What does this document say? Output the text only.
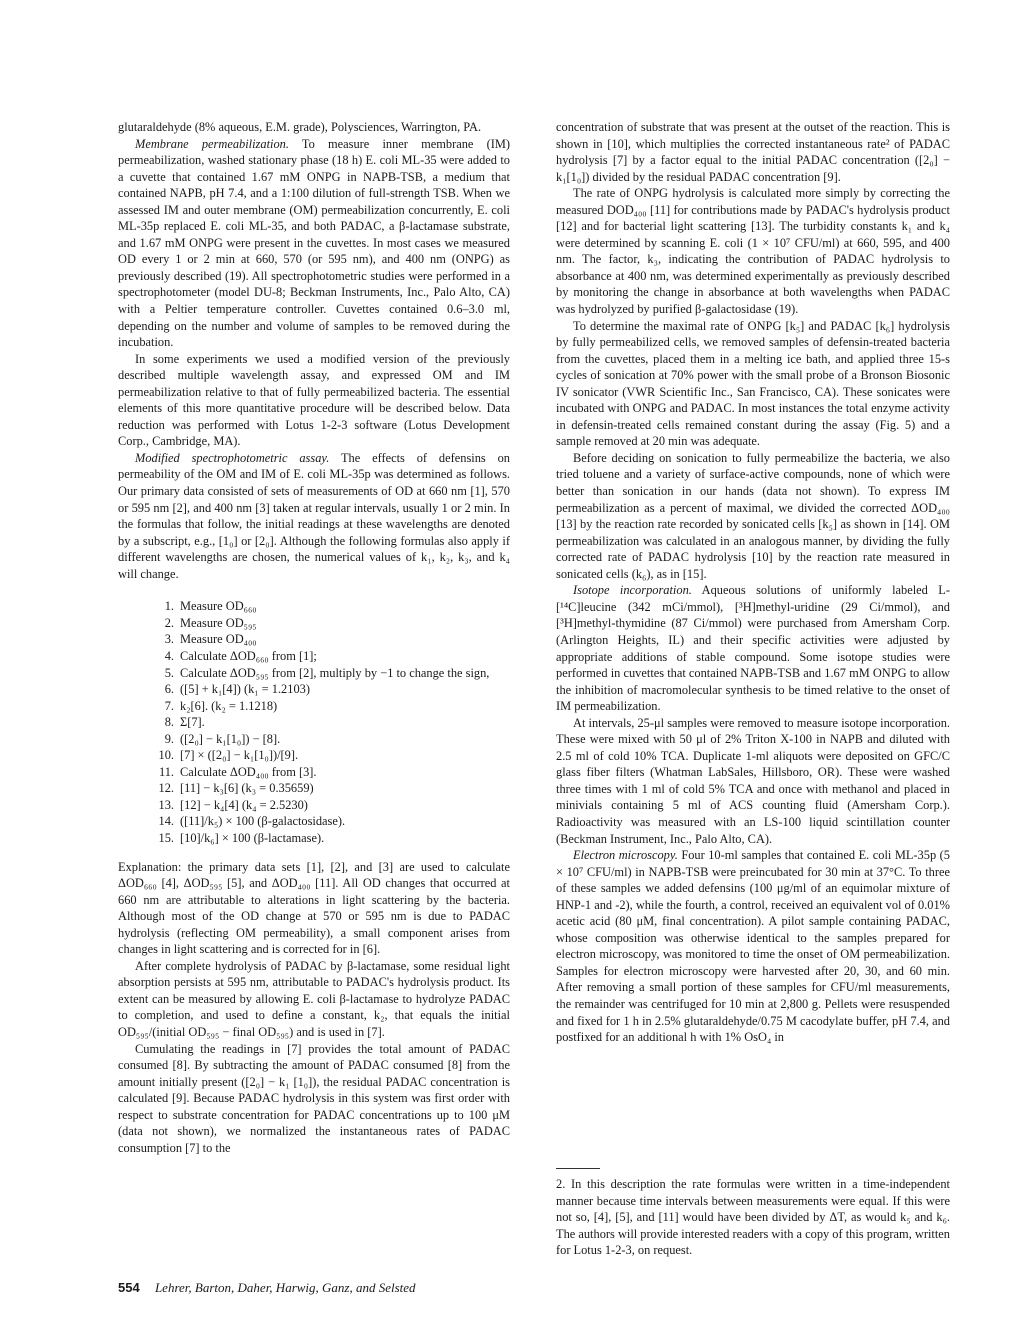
glutaraldehyde (8% aqueous, E.M. grade), Polysciences, Warrington, PA.

Membrane permeabilization. To measure inner membrane (IM) permeabilization, washed stationary phase (18 h) E. coli ML-35 were added to a cuvette that contained 1.67 mM ONPG in NAPB-TSB, a medium that contained NAPB, pH 7.4, and a 1:100 dilution of full-strength TSB. When we assessed IM and outer membrane (OM) permeabilization concurrently, E. coli ML-35p replaced E. coli ML-35, and both PADAC, a β-lactamase substrate, and 1.67 mM ONPG were present in the cuvettes. In most cases we measured OD every 1 or 2 min at 660, 570 (or 595 nm), and 400 nm (ONPG) as previously described (19). All spectrophotometric studies were performed in a spectrophotometer (model DU-8; Beckman Instruments, Inc., Palo Alto, CA) with a Peltier temperature controller. Cuvettes contained 0.6–3.0 ml, depending on the number and volume of samples to be removed during the incubation.

In some experiments we used a modified version of the previously described multiple wavelength assay, and expressed OM and IM permeabilization relative to that of fully permeabilized bacteria. The essential elements of this more quantitative procedure will be described below. Data reduction was performed with Lotus 1-2-3 software (Lotus Development Corp., Cambridge, MA).

Modified spectrophotometric assay. The effects of defensins on permeability of the OM and IM of E. coli ML-35p was determined as follows. Our primary data consisted of sets of measurements of OD at 660 nm [1], 570 or 595 nm [2], and 400 nm [3] taken at regular intervals, usually 1 or 2 min. In the formulas that follow, the initial readings at these wavelengths are denoted by a subscript, e.g., [1₀] or [2₀]. Although the following formulas also apply if different wavelengths are chosen, the numerical values of k₁, k₂, k₃, and k₄ will change.

1. Measure OD₆₆₀
2. Measure OD₅₉₅
3. Measure OD₄₀₀
4. Calculate ΔOD₆₆₀ from [1];
5. Calculate ΔOD₅₉₅ from [2], multiply by −1 to change the sign,
6. ([5] + k₁[4]) (k₁ = 1.2103)
7. k₂[6]. (k₂ = 1.1218)
8. Σ[7].
9. ([2₀] − k₁[1₀]) − [8].
10. [7] × ([2₀] − k₁[1₀])/[9].
11. Calculate ΔOD₄₀₀ from [3].
12. [11] − k₃[6] (k₃ = 0.35659)
13. [12] − k₄[4] (k₄ = 2.5230)
14. ([11]/k₅) × 100 (β-galactosidase).
15. [10]/k₆] × 100 (β-lactamase).

Explanation: the primary data sets [1], [2], and [3] are used to calculate ΔOD₆₆₀ [4], ΔOD₅₉₅ [5], and ΔOD₄₀₀ [11]. All OD changes that occurred at 660 nm are attributable to alterations in light scattering by the bacteria. Although most of the OD change at 570 or 595 nm is due to PADAC hydrolysis (reflecting OM permeability), a small component arises from changes in light scattering and is corrected for in [6].

After complete hydrolysis of PADAC by β-lactamase, some residual light absorption persists at 595 nm, attributable to PADAC's hydrolysis product. Its extent can be measured by allowing E. coli β-lactamase to hydrolyze PADAC to completion, and used to define a constant, k₂, that equals the initial OD₅₉₅/(initial OD₅₉₅ − final OD₅₉₅) and is used in [7].

Cumulating the readings in [7] provides the total amount of PADAC consumed [8]. By subtracting the amount of PADAC consumed [8] from the amount initially present ([2₀] − k₁ [1₀]), the residual PADAC concentration is calculated [9]. Because PADAC hydrolysis in this system was first order with respect to substrate concentration for PADAC concentrations up to 100 μM (data not shown), we normalized the instantaneous rates of PADAC consumption [7] to the

concentration of substrate that was present at the outset of the reaction. This is shown in [10], which multiplies the corrected instantaneous rate² of PADAC hydrolysis [7] by a factor equal to the initial PADAC concentration ([2₀] − k₁[1₀]) divided by the residual PADAC concentration [9].

The rate of ONPG hydrolysis is calculated more simply by correcting the measured DOD₄₀₀ [11] for contributions made by PADAC's hydrolysis product [12] and for bacterial light scattering [13]. The turbidity constants k₁ and k₄ were determined by scanning E. coli (1 × 10⁷ CFU/ml) at 660, 595, and 400 nm. The factor, k₃, indicating the contribution of PADAC hydrolysis to absorbance at 400 nm, was determined experimentally as previously described by monitoring the change in absorbance at both wavelengths when PADAC was hydrolyzed by purified β-galactosidase (19).

To determine the maximal rate of ONPG [k₅] and PADAC [k₆] hydrolysis by fully permeabilized cells, we removed samples of defensin-treated bacteria from the cuvettes, placed them in a melting ice bath, and applied three 15-s cycles of sonication at 70% power with the small probe of a Bronson Biosonic IV sonicator (VWR Scientific Inc., San Francisco, CA). These sonicates were incubated with ONPG and PADAC. In most instances the total enzyme activity in defensin-treated cells remained constant during the assay (Fig. 5) and a sample removed at 20 min was adequate.

Before deciding on sonication to fully permeabilize the bacteria, we also tried toluene and a variety of surface-active compounds, none of which were better than sonication in our hands (data not shown). To express IM permeabilization as a percent of maximal, we divided the corrected ΔOD₄₀₀ [13] by the reaction rate recorded by sonicated cells [k₅] as shown in [14]. OM permeabilization was calculated in an analogous manner, by dividing the fully corrected rate of PADAC hydrolysis [10] by the reaction rate measured in sonicated cells (k₆), as in [15].

Isotope incorporation. Aqueous solutions of uniformly labeled L-[¹⁴C]leucine (342 mCi/mmol), [³H]methyl-uridine (29 Ci/mmol), and [³H]methyl-thymidine (87 Ci/mmol) were purchased from Amersham Corp. (Arlington Heights, IL) and their specific activities were adjusted by appropriate additions of stable compound. Some isotope studies were performed in cuvettes that contained NAPB-TSB and 1.67 mM ONPG to allow the inhibition of macromolecular synthesis to be timed relative to the onset of IM permeabilization.

At intervals, 25-μl samples were removed to measure isotope incorporation. These were mixed with 50 μl of 2% Triton X-100 in NAPB and diluted with 2.5 ml of cold 10% TCA. Duplicate 1-ml aliquots were deposited on GFC/C glass fiber filters (Whatman LabSales, Hillsboro, OR). These were washed three times with 1 ml of cold 5% TCA and once with methanol and placed in minivials containing 5 ml of ACS counting fluid (Amersham Corp.). Radioactivity was measured with an LS-100 liquid scintillation counter (Beckman Instrument, Inc., Palo Alto, CA).

Electron microscopy. Four 10-ml samples that contained E. coli ML-35p (5 × 10⁷ CFU/ml) in NAPB-TSB were preincubated for 30 min at 37°C. To three of these samples we added defensins (100 μg/ml of an equimolar mixture of HNP-1 and -2), while the fourth, a control, received an equivalent vol of 0.01% acetic acid (80 μM, final concentration). A pilot sample containing PADAC, whose composition was otherwise identical to the samples prepared for electron microscopy, was monitored to time the onset of OM permeabilization. Samples for electron microscopy were harvested after 20, 30, and 60 min. After removing a small portion of these samples for CFU/ml measurements, the remainder was centrifuged for 10 min at 2,800 g. Pellets were resuspended and fixed for 1 h in 2.5% glutaraldehyde/0.75 M cacodylate buffer, pH 7.4, and postfixed for an additional h with 1% OsO₄ in

2. In this description the rate formulas were written in a time-independent manner because time intervals between measurements were equal. If this were not so, [4], [5], and [11] would have been divided by ΔT, as would k₅ and k₆. The authors will provide interested readers with a copy of this program, written for Lotus 1-2-3, on request.

554 Lehrer, Barton, Daher, Harwig, Ganz, and Selsted
